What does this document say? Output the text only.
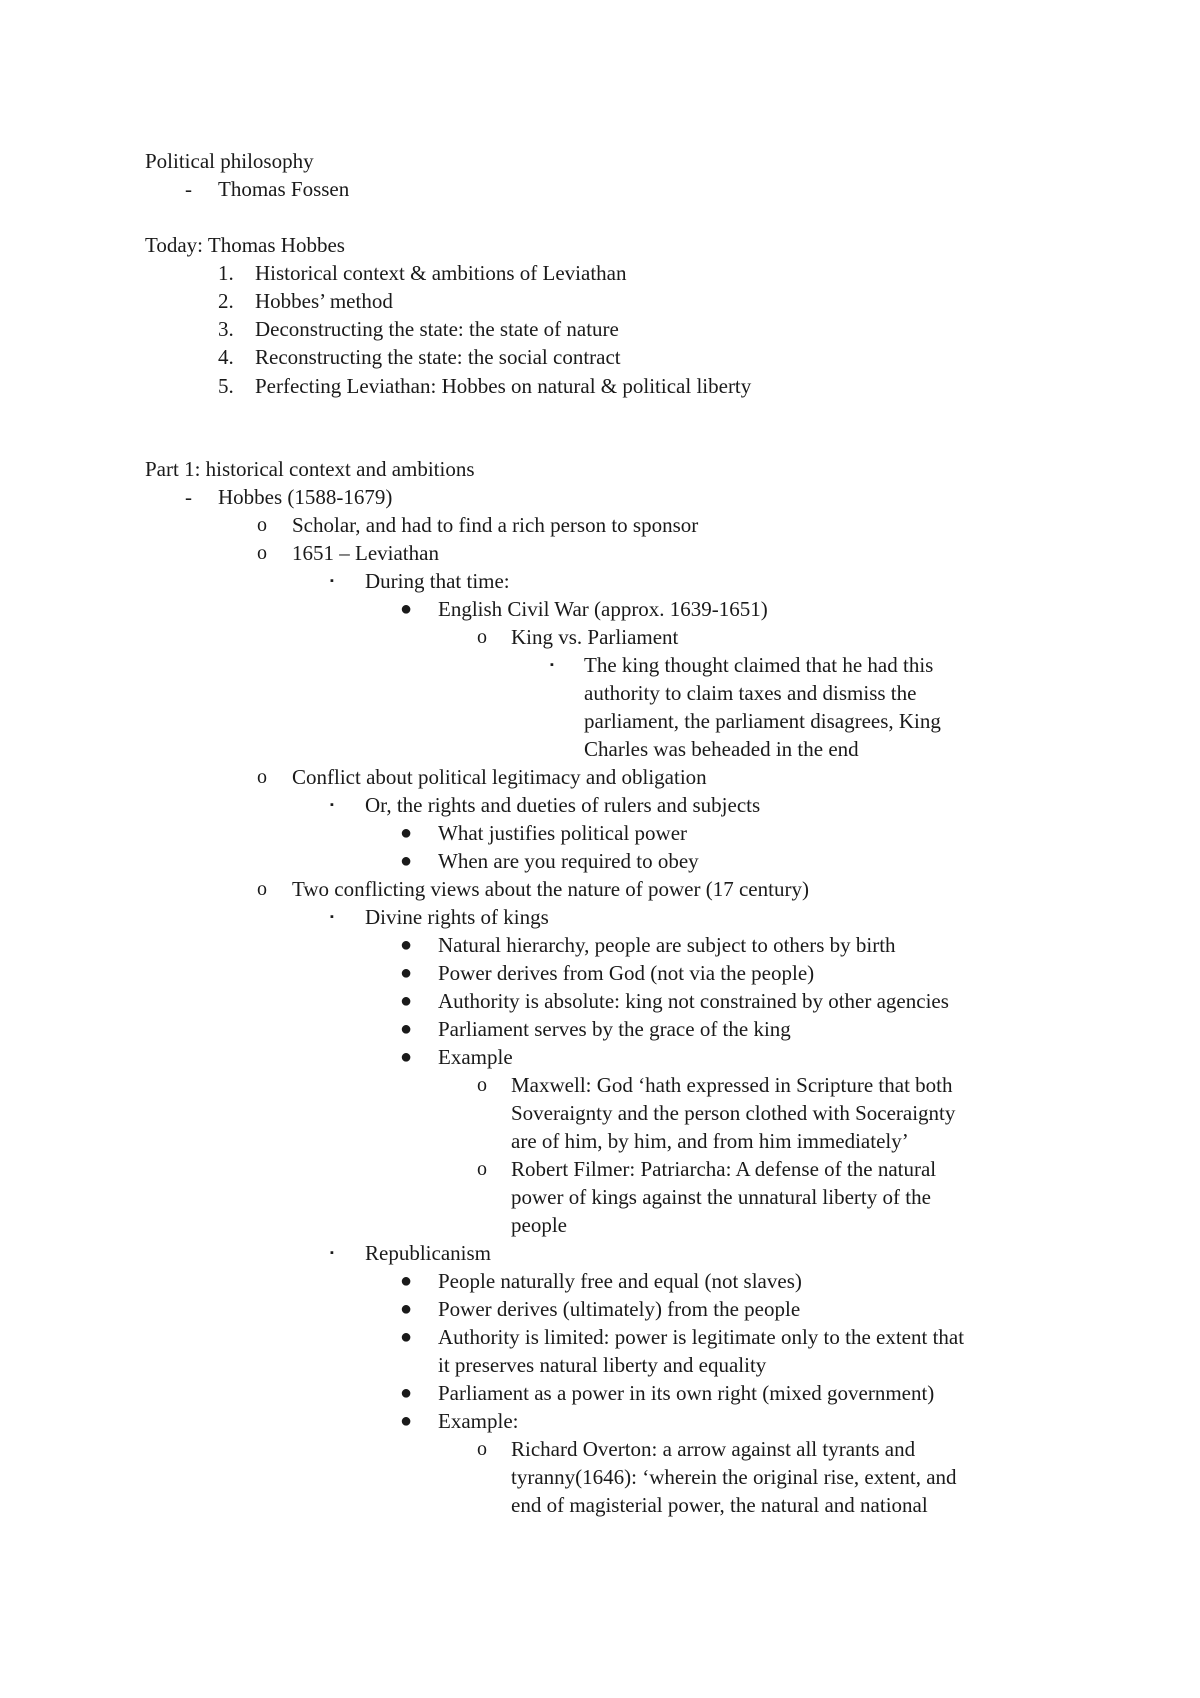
Political philosophy
- Thomas Fossen
Today: Thomas Hobbes
1. Historical context & ambitions of Leviathan
2. Hobbes’ method
3. Deconstructing the state: the state of nature
4. Reconstructing the state: the social contract
5. Perfecting Leviathan: Hobbes on natural & political liberty
Part 1: historical context and ambitions
- Hobbes (1588-1679)
o Scholar, and had to find a rich person to sponsor
o 1651 – Leviathan
▪ During that time:
● English Civil War (approx. 1639-1651)
o King vs. Parliament
▪ The king thought claimed that he had this
authority to claim taxes and dismiss the
parliament, the parliament disagrees, King
Charles was beheaded in the end
o Conflict about political legitimacy and obligation
▪ Or, the rights and dueties of rulers and subjects
● What justifies political power
● When are you required to obey
o Two conflicting views about the nature of power (17 century)
▪ Divine rights of kings
● Natural hierarchy, people are subject to others by birth
● Power derives from God (not via the people)
● Authority is absolute: king not constrained by other agencies
● Parliament serves by the grace of the king
● Example
o Maxwell: God ‘hath expressed in Scripture that both
Soveraignty and the person clothed with Soceraignty
are of him, by him, and from him immediately’
o Robert Filmer: Patriarcha: A defense of the natural
power of kings against the unnatural liberty of the
people
▪ Republicanism
● People naturally free and equal (not slaves)
● Power derives (ultimately) from the people
● Authority is limited: power is legitimate only to the extent that
it preserves natural liberty and equality
● Parliament as a power in its own right (mixed government)
● Example:
o Richard Overton: a arrow against all tyrants and
tyranny(1646): ‘wherein the original rise, extent, and
end of magisterial power, the natural and national
